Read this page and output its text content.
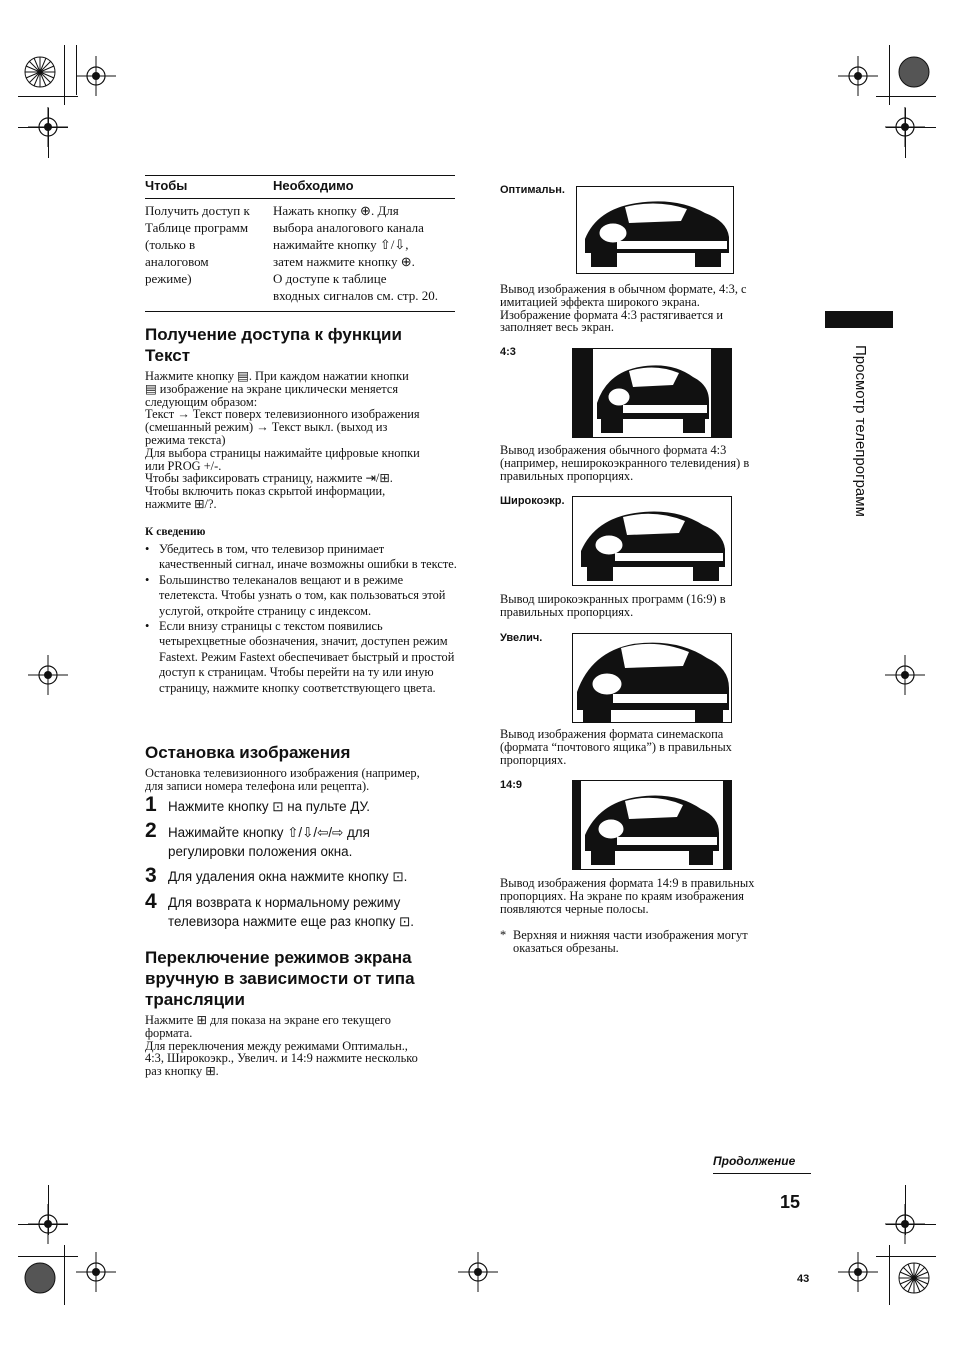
Чтобы	Необходимо
Получить доступ к
Таблице программ
(только в
аналоговом
режиме)
Нажать кнопку ⊕. Для
выбора аналогового канала
нажимайте кнопку ⇧/⇩,
затем нажмите кнопку ⊕.
О доступе к таблице
входных сигналов см. стр. 20.
Получение доступа к функции
Текст
Нажмите кнопку ▤. При каждом нажатии кнопки
▤ изображение на экране циклически меняется
следующим образом:
Текст → Текст поверх телевизионного изображения
(смешанный режим) → Текст выкл. (выход из
режима текста)
Для выбора страницы нажимайте цифровые кнопки
или PROG +/-.
Чтобы зафиксировать страницу, нажмите ⇥/⊞.
Чтобы включить показ скрытой информации,
нажмите ⊞/?.
К сведению
• Убедитесь в том, что телевизор принимает качественный сигнал, иначе возможны ошибки в тексте.
• Большинство телеканалов вещают и в режиме телетекста. Чтобы узнать о том, как пользоваться этой услугой, откройте страницу с индексом.
• Если внизу страницы с текстом появились четырехцветные обозначения, значит, доступен режим Fastext. Режим Fastext обеспечивает быстрый и простой доступ к страницам. Чтобы перейти на ту или иную страницу, нажмите кнопку соответствующего цвета.
Остановка изображения
Остановка телевизионного изображения (например,
для записи номера телефона или рецепта).
1 Нажмите кнопку ⊡ на пульте ДУ.
2 Нажимайте кнопку ⇧/⇩/⇦/⇨ для
регулировки положения окна.
3 Для удаления окна нажмите кнопку ⊡.
4 Для возврата к нормальному режиму
телевизора нажмите еще раз кнопку ⊡.
Переключение режимов экрана
вручную в зависимости от типа
трансляции
Нажмите ⊞ для показа на экране его текущего
формата.
Для переключения между режимами Оптимальн.,
4:3, Широкоэкр., Увелич. и 14:9 нажмите несколько
раз кнопку ⊞.
Оптимальн.
Вывод изображения в обычном формате, 4:3, с
имитацией эффекта широкого экрана.
Изображение формата 4:3 растягивается и
заполняет весь экран.
4:3
Вывод изображения обычного формата 4:3
(например, неширокоэкранного телевидения) в
правильных пропорциях.
Широкоэкр.
Вывод широкоэкранных программ (16:9) в
правильных пропорциях.
Увелич.
Вывод изображения формата синемаскопа
(формата “почтового ящика”) в правильных
пропорциях.
14:9
Вывод изображения формата 14:9 в правильных
пропорциях. На экране по краям изображения
появляются черные полосы.
* Верхняя и нижняя части изображения могут
оказаться обрезаны.
Просмотр телепрограмм
Продолжение
15
43
